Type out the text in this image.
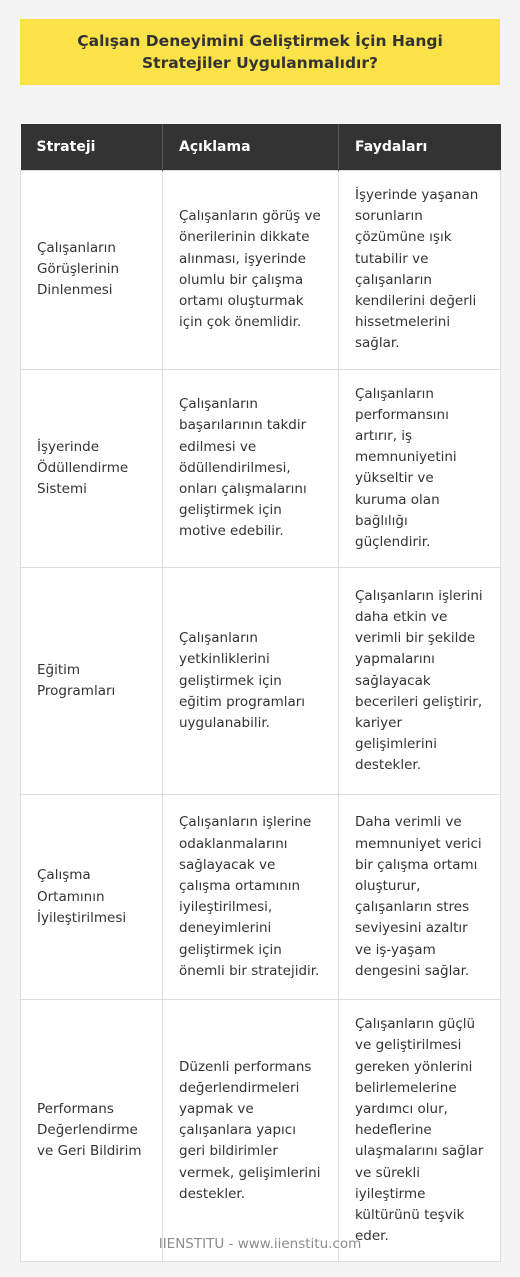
Çalışan Deneyimini Geliştirmek İçin Hangi Stratejiler Uygulanmalıdır?
Strateji	Açıklama	Faydaları
Çalışanların Görüşlerinin Dinlenmesi	Çalışanların görüş ve önerilerinin dikkate alınması, işyerinde olumlu bir çalışma ortamı oluşturmak için çok önemlidir.	İşyerinde yaşanan sorunların çözümüne ışık tutabilir ve çalışanların kendilerini değerli hissetmelerini sağlar.
İşyerinde Ödüllendirme Sistemi	Çalışanların başarılarının takdir edilmesi ve ödüllendirilmesi, onları çalışmalarını geliştirmek için motive edebilir.	Çalışanların performansını artırır, iş memnuniyetini yükseltir ve kuruma olan bağlılığı güçlendirir.
Eğitim Programları	Çalışanların yetkinliklerini geliştirmek için eğitim programları uygulanabilir.	Çalışanların işlerini daha etkin ve verimli bir şekilde yapmalarını sağlayacak becerileri geliştirir, kariyer gelişimlerini destekler.
Çalışma Ortamının İyileştirilmesi	Çalışanların işlerine odaklanmalarını sağlayacak ve çalışma ortamının iyileştirilmesi, deneyimlerini geliştirmek için önemli bir stratejidir.	Daha verimli ve memnuniyet verici bir çalışma ortamı oluşturur, çalışanların stres seviyesini azaltır ve iş-yaşam dengesini sağlar.
Performans Değerlendirme ve Geri Bildirim	Düzenli performans değerlendirmeleri yapmak ve çalışanlara yapıcı geri bildirimler vermek, gelişimlerini destekler.	Çalışanların güçlü ve geliştirilmesi gereken yönlerini belirlemelerine yardımcı olur, hedeflerine ulaşmalarını sağlar ve sürekli iyileştirme kültürünü teşvik eder.
IIENSTITU - www.iienstitu.com
